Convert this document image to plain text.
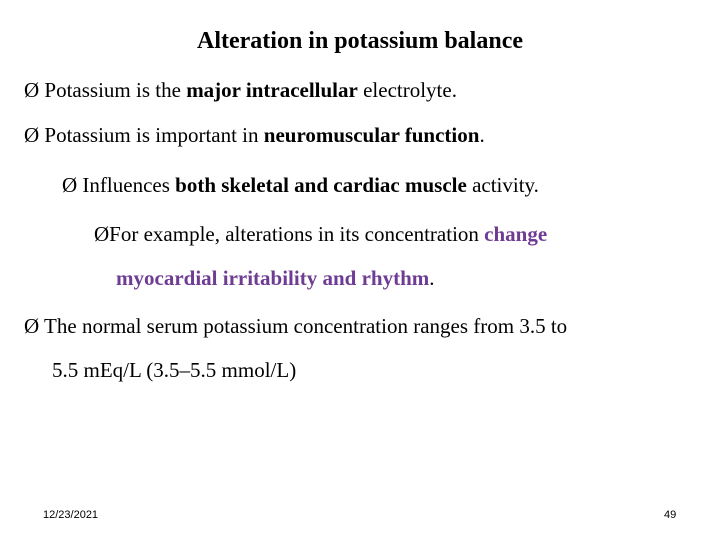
Alteration in potassium balance
Ø Potassium is the major intracellular electrolyte.
Ø Potassium is important in neuromuscular function.
Ø Influences both skeletal and cardiac muscle activity.
ØFor example, alterations in its concentration change
myocardial irritability and rhythm.
Ø The normal serum potassium concentration ranges from 3.5 to
5.5 mEq/L (3.5–5.5 mmol/L)
12/23/2021	49
